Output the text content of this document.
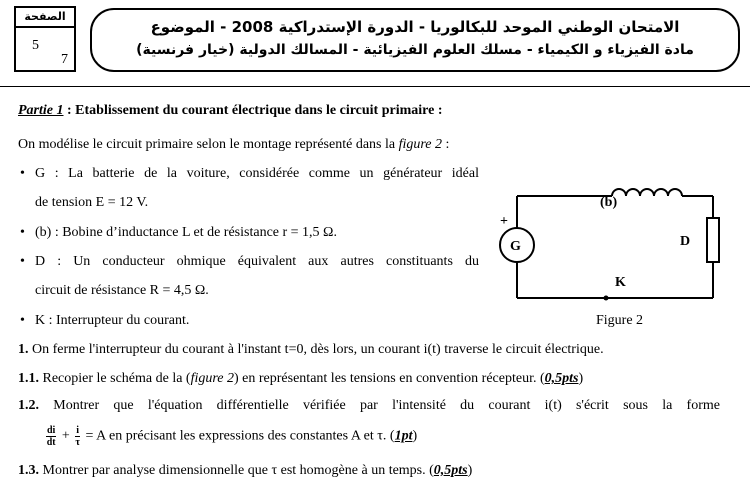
الصفحة
5
7
الامتحان الوطني الموحد للبكالوريا - الدورة الإستدراكية 2008 - الموضوع
مادة الفيزياء و الكيمياء - مسلك العلوم الفيزيائية - المسالك الدولية (خيار فرنسية)
Partie 1 : Etablissement du courant électrique dans le circuit primaire :
On modélise le circuit primaire selon le montage représenté dans la figure 2 :
• G : La batterie de la voiture, considérée comme un générateur idéal
de tension E = 12 V.
• (b) : Bobine d’inductance L et de résistance r = 1,5 Ω.
• D : Un conducteur ohmique équivalent aux autres constituants du
circuit de résistance R = 4,5 Ω.
• K : Interrupteur du courant.
(b)
D
G
K
+
Figure 2
1. On ferme l'interrupteur du courant à l'instant t=0, dès lors, un courant i(t) traverse le circuit électrique.
1.1. Recopier le schéma de la (figure 2) en représentant les tensions en convention récepteur. (0,5pts)
1.2. Montrer que l'équation différentielle vérifiée par l'intensité du courant i(t) s'écrit sous la forme
$\frac{di}{dt} + \frac{i}{\tau} = A$ en précisant les expressions des constantes A et τ. (1pt)
1.3. Montrer par analyse dimensionnelle que τ est homogène à un temps. (0,5pts)
